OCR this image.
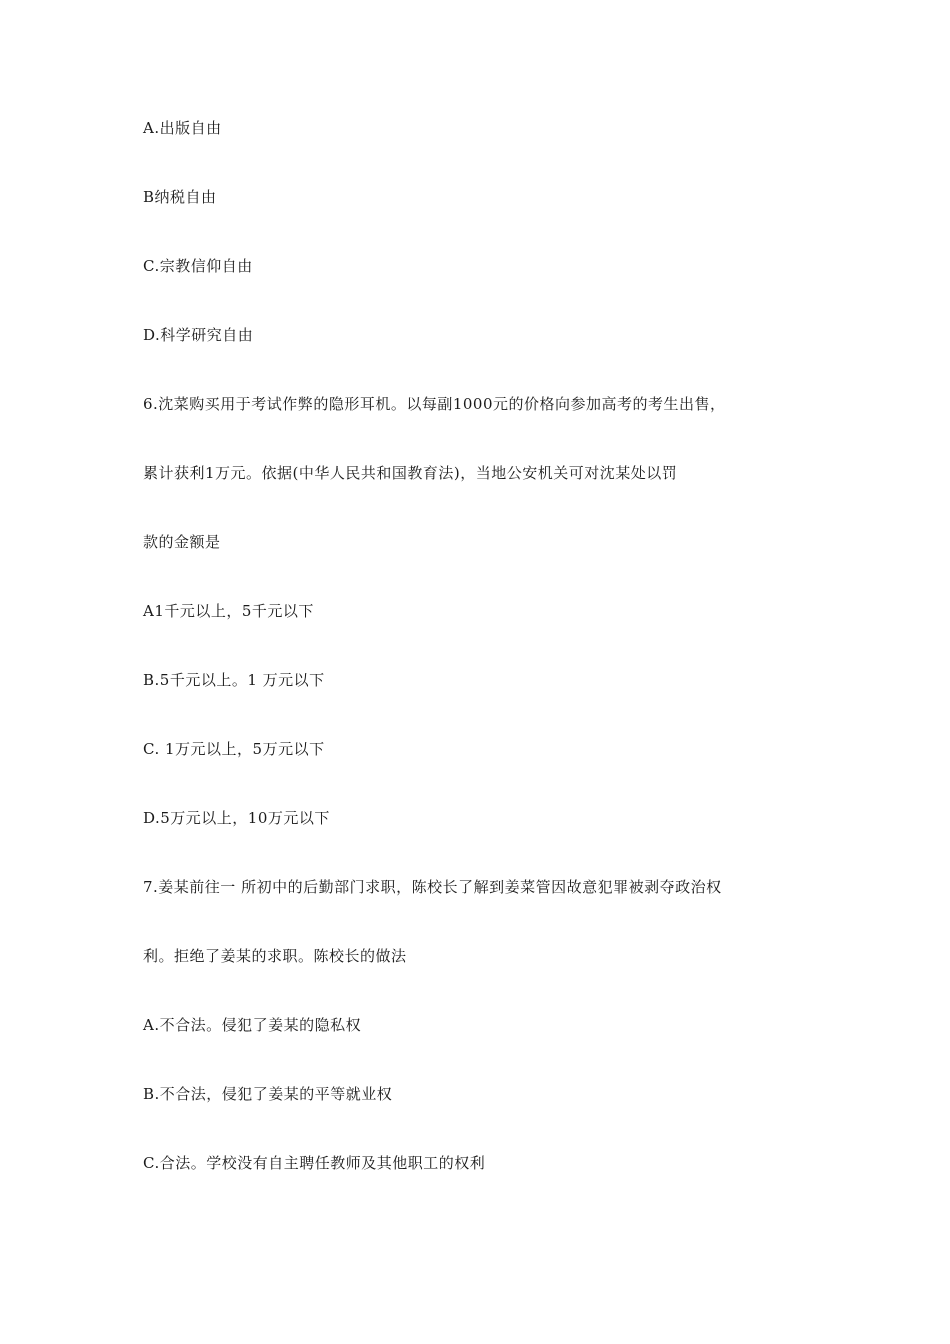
A.出版自由
B纳税自由
C.宗教信仰自由
D.科学研究自由
6.沈菜购买用于考试作弊的隐形耳机。以每副1000元的价格向参加高考的考生出售，
累计获利1万元。依据(中华人民共和国教育法)，当地公安机关可对沈某处以罚
款的金额是
A1千元以上，5千元以下
B.5千元以上。1 万元以下
C. 1万元以上，5万元以下
D.5万元以上，10万元以下
7.姜某前往一 所初中的后勤部门求职，陈校长了解到姜菜管因故意犯罪被剥夺政治权
利。拒绝了姜某的求职。陈校长的做法
A.不合法。侵犯了姜某的隐私权
B.不合法，侵犯了姜某的平等就业权
C.合法。学校没有自主聘任教师及其他职工的权利
